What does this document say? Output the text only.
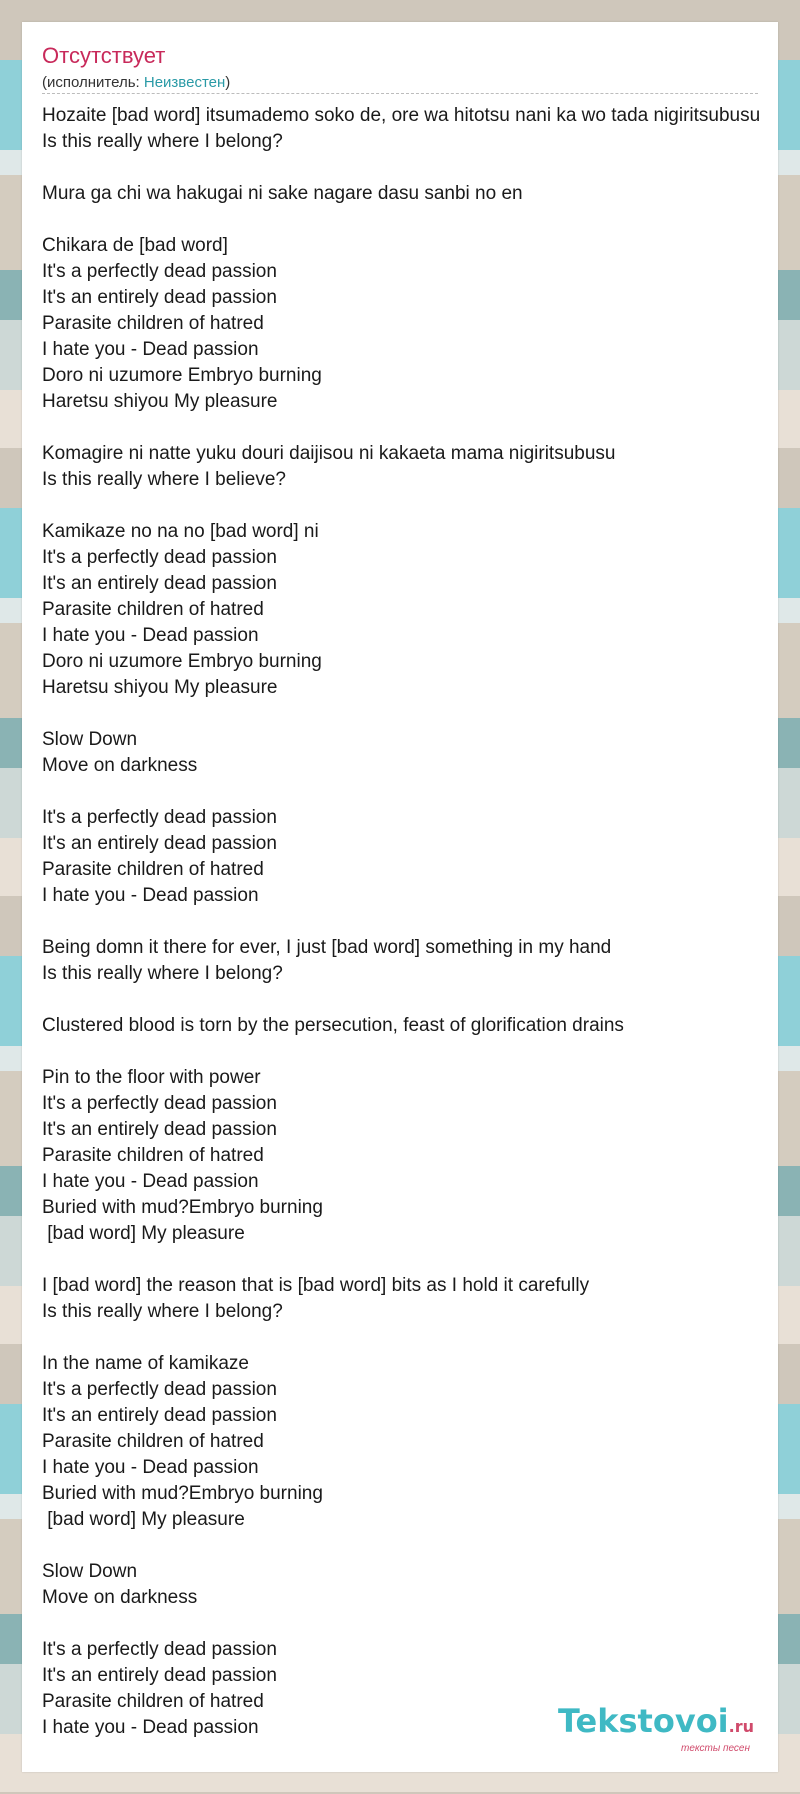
Отсутствует
(исполнитель: Неизвестен)
Hozaite [bad word] itsumademo soko de, ore wa hitotsu nani ka wo tada nigiritsubusu
Is this really where I belong?
Mura ga chi wa hakugai ni sake nagare dasu sanbi no en
Chikara de [bad word]
It's a perfectly dead passion
It's an entirely dead passion
Parasite children of hatred
I hate you - Dead passion
Doro ni uzumore Embryo burning
Haretsu shiyou My pleasure
Komagire ni natte yuku douri daijisou ni kakaeta mama nigiritsubusu
Is this really where I believe?
Kamikaze no na no [bad word] ni
It's a perfectly dead passion
It's an entirely dead passion
Parasite children of hatred
I hate you - Dead passion
Doro ni uzumore Embryo burning
Haretsu shiyou My pleasure
Slow Down
Move on darkness
It's a perfectly dead passion
It's an entirely dead passion
Parasite children of hatred
I hate you - Dead passion
Being domn it there for ever, I just [bad word] something in my hand
Is this really where I belong?
Clustered blood is torn by the persecution, feast of glorification drains
Pin to the floor with power
It's a perfectly dead passion
It's an entirely dead passion
Parasite children of hatred
I hate you - Dead passion
Buried with mud?Embryo burning
[bad word] My pleasure
I [bad word] the reason that is [bad word] bits as I hold it carefully
Is this really where I belong?
In the name of kamikaze
It's a perfectly dead passion
It's an entirely dead passion
Parasite children of hatred
I hate you - Dead passion
Buried with mud?Embryo burning
[bad word] My pleasure
Slow Down
Move on darkness
It's a perfectly dead passion
It's an entirely dead passion
Parasite children of hatred
I hate you - Dead passion	Tekstovoi.ru
тексты песен
